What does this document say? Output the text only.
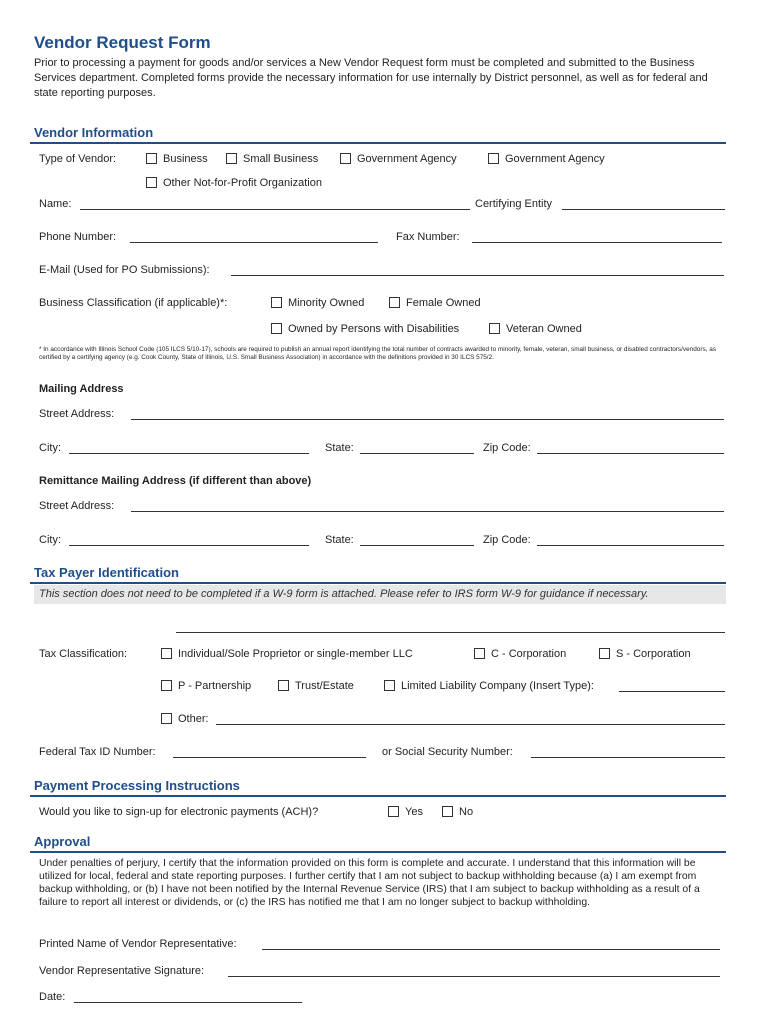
Vendor Request Form
Prior to processing a payment for goods and/or services a New Vendor Request form must be completed and submitted to the Business Services department. Completed forms provide the necessary information for use internally by District personnel, as well as for federal and state reporting purposes.
Vendor Information
Type of Vendor:	Business	Small Business	Government Agency	Government Agency
Other Not-for-Profit Organization
Name:	Certifying Entity
Phone Number:	Fax Number:
E-Mail (Used for PO Submissions):
Business Classification (if applicable)*:	Minority Owned	Female Owned
Owned by Persons with Disabilities	Veteran Owned
* In accordance with Illinois School Code (105 ILCS 5/10-17), schools are required to publish an annual report identifying the total number of contracts awarded to minority, female, veteran, small business, or disabled contractors/vendors, as certified by a certifying agency (e.g. Cook County, State of Illinois, U.S. Small Business Association) in accordance with the definitions provided in 30 ILCS 575/2.
Mailing Address
Street Address:
City:	State:	Zip Code:
Remittance Mailing Address (if different than above)
Street Address:
City:	State:	Zip Code:
Tax Payer Identification
This section does not need to be completed if a W-9 form is attached. Please refer to IRS form W-9 for guidance if necessary.
Tax Classification:	Individual/Sole Proprietor or single-member LLC	C - Corporation	S - Corporation
P - Partnership	Trust/Estate	Limited Liability Company (Insert Type):
Other:
Federal Tax ID Number:	or Social Security Number:
Payment Processing Instructions
Would you like to sign-up for electronic payments (ACH)?	Yes	No
Approval
Under penalties of perjury, I certify that the information provided on this form is complete and accurate. I understand that this information will be utilized for local, federal and state reporting purposes. I further certify that I am not subject to backup withholding because (a) I am exempt from backup withholding, or (b) I have not been notified by the Internal Revenue Service (IRS) that I am subject to backup withholding as a result of a failure to report all interest or dividends, or (c) the IRS has notified me that I am no longer subject to backup withholding.
Printed Name of Vendor Representative:
Vendor Representative Signature:
Date:
